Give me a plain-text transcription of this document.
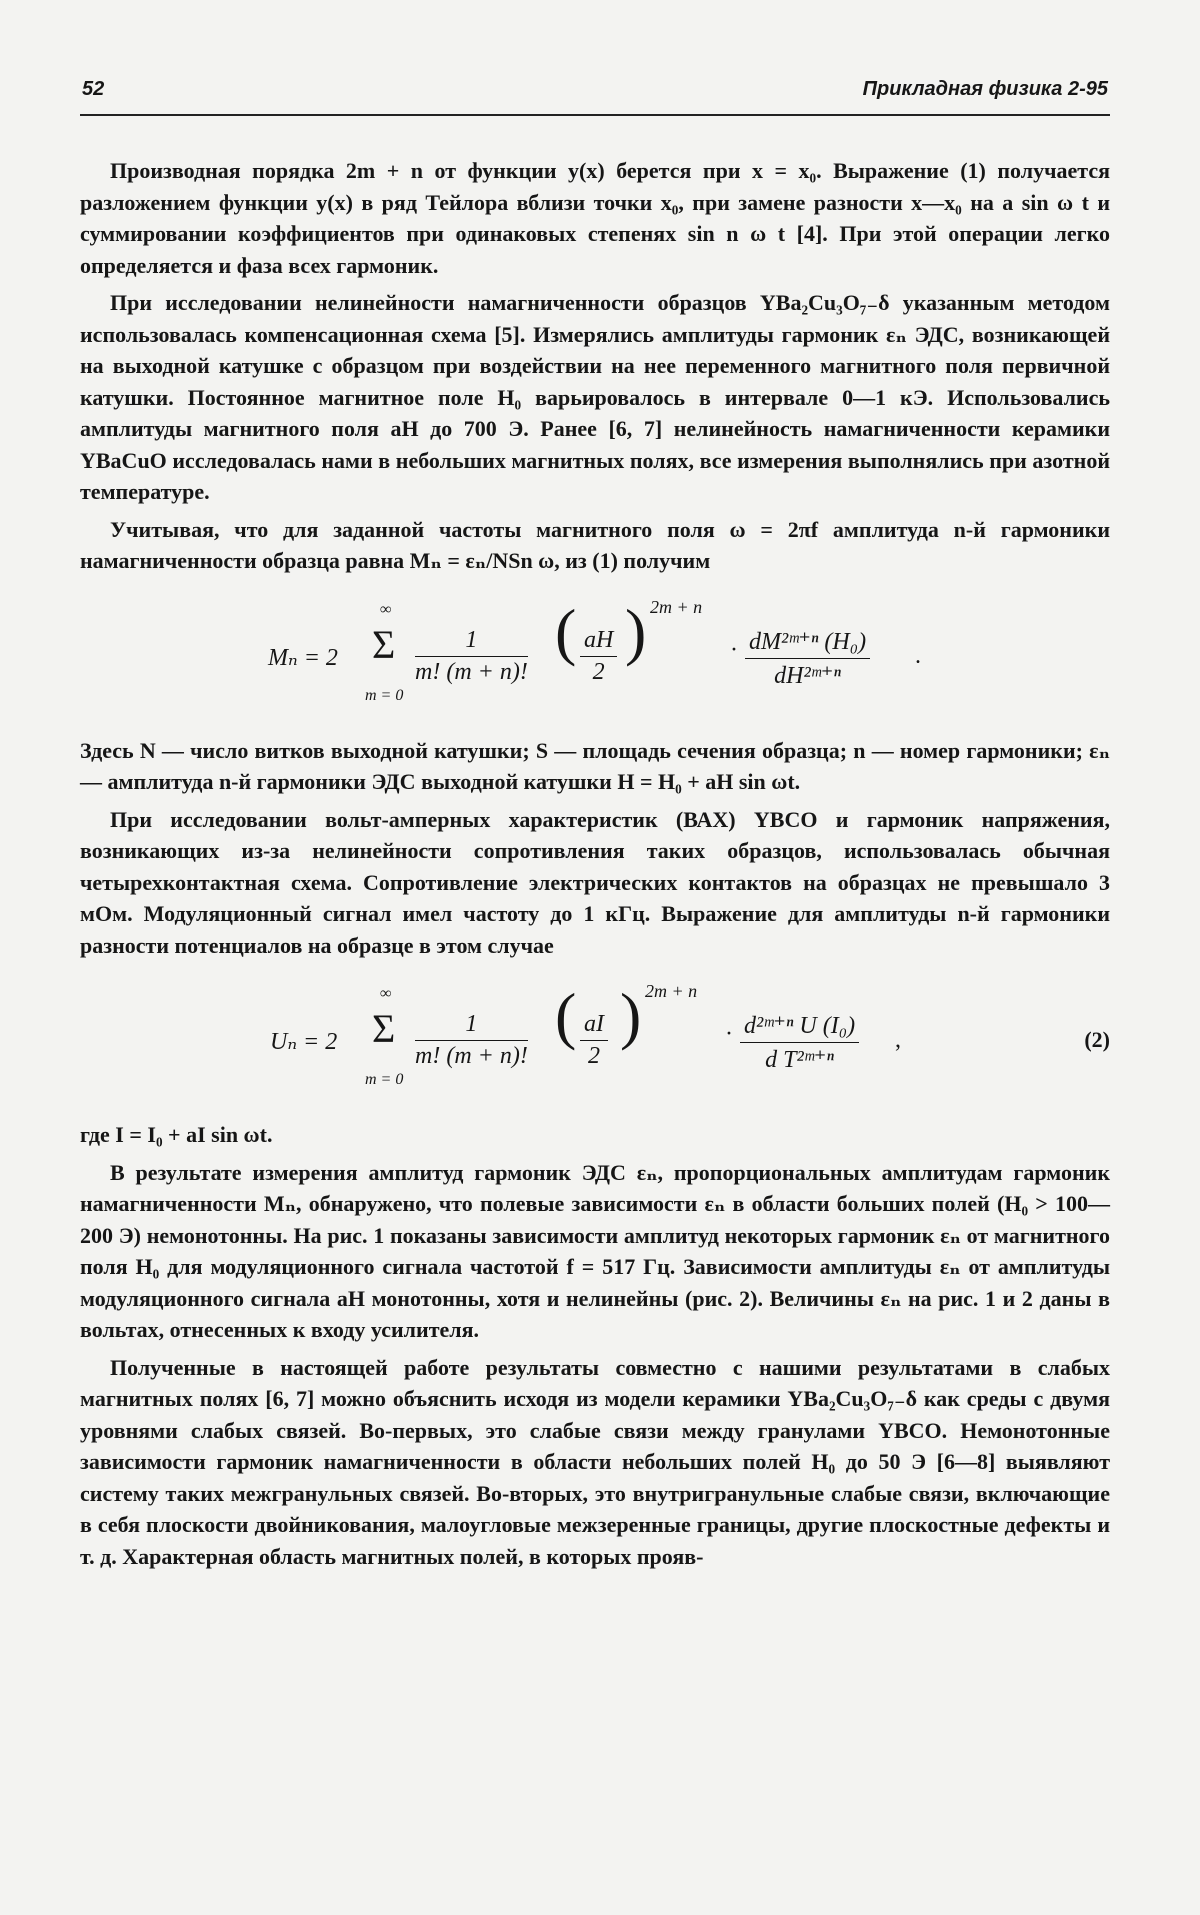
52	Прикладная физика 2-95

Производная порядка 2m + n от функции y(x) берется при x = x₀. Выражение (1) получается разложением функции y(x) в ряд Тейлора вблизи точки x₀, при замене разности x—x₀ на a sin ω t и суммировании коэффициентов при одинаковых степенях sin n ω t [4]. При этой операции легко определяется и фаза всех гармоник.

При исследовании нелинейности намагниченности образцов YBa₂Cu₃O₇₋δ указанным методом использовалась компенсационная схема [5]. Измерялись амплитуды гармоник εₙ ЭДС, возникающей на выходной катушке с образцом при воздействии на нее переменного магнитного поля первичной катушки. Постоянное магнитное поле H₀ варьировалось в интервале 0—1 кЭ. Использовались амплитуды магнитного поля aH до 700 Э. Ранее [6, 7] нелинейность намагниченности керамики YBaCuO исследовалась нами в небольших магнитных полях, все измерения выполнялись при азотной температуре.

Учитывая, что для заданной частоты магнитного поля ω = 2πf амплитуда n-й гармоники намагниченности образца равна Mₙ = εₙ/NSn ω, из (1) получим

Mₙ = 2
∞
Σ
m = 0
$\frac{1}{m! (m + n)!}$ ( $\frac{aH}{2}$ ) 2m + n
· $\frac{\text{dM²ᵐ⁺ⁿ (H₀)}}{\text{dH²ᵐ⁺ⁿ}}$ .

Здесь N — число витков выходной катушки; S — площадь сечения образца; n — номер гармоники; εₙ — амплитуда n-й гармоники ЭДС выходной катушки H = H₀ + aH sin ωt.

При исследовании вольт-амперных характеристик (ВАХ) YBCO и гармоник напряжения, возникающих из-за нелинейности сопротивления таких образцов, использовалась обычная четырехконтактная схема. Сопротивление электрических контактов на образцах не превышало 3 мОм. Модуляционный сигнал имел частоту до 1 кГц. Выражение для амплитуды n-й гармоники разности потенциалов на образце в этом случае

Uₙ = 2
∞
Σ
m = 0
$\frac{1}{m! (m + n)!}$ ( $\frac{aI}{2}$ ) 2m + n
· $\frac{\text{d²ᵐ⁺ⁿ U (I₀)}}{\text{d T²ᵐ⁺ⁿ}}$ ,	(2)

где I = I₀ + aI sin ωt.

В результате измерения амплитуд гармоник ЭДС εₙ, пропорциональных амплитудам гармоник намагниченности Mₙ, обнаружено, что полевые зависимости εₙ в области больших полей (H₀ > 100—200 Э) немонотонны. На рис. 1 показаны зависимости амплитуд некоторых гармоник εₙ от магнитного поля H₀ для модуляционного сигнала частотой f = 517 Гц. Зависимости амплитуды εₙ от амплитуды модуляционного сигнала aH монотонны, хотя и нелинейны (рис. 2). Величины εₙ на рис. 1 и 2 даны в вольтах, отнесенных к входу усилителя.

Полученные в настоящей работе результаты совместно с нашими результатами в слабых магнитных полях [6, 7] можно объяснить исходя из модели керамики YBa₂Cu₃O₇₋δ как среды с двумя уровнями слабых связей. Во-первых, это слабые связи между гранулами YBCO. Немонотонные зависимости гармоник намагниченности в области небольших полей H₀ до 50 Э [6—8] выявляют систему таких межгранульных связей. Во-вторых, это внутригранульные слабые связи, включающие в себя плоскости двойникования, малоугловые межзеренные границы, другие плоскостные дефекты и т. д. Характерная область магнитных полей, в которых прояв-
